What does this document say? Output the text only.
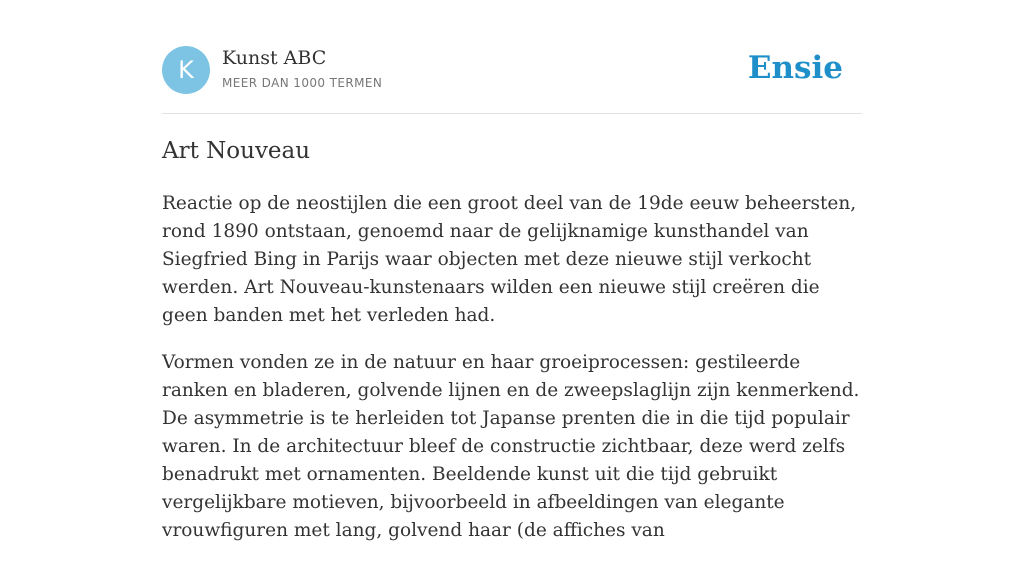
K	Kunst ABC
MEER DAN 1000 TERMEN	Ensie
Art Nouveau

Reactie op de neostijlen die een groot deel van de 19de eeuw beheersten, rond 1890 ontstaan, genoemd naar de gelijknamige kunsthandel van Siegfried Bing in Parijs waar objecten met deze nieuwe stijl verkocht werden. Art Nouveau-kunstenaars wilden een nieuwe stijl creëren die geen banden met het verleden had.

Vormen vonden ze in de natuur en haar groeiprocessen: gestileerde ranken en bladeren, golvende lijnen en de zweepslaglijn zijn kenmerkend. De asymmetrie is te herleiden tot Japanse prenten die in die tijd populair waren. In de architectuur bleef de constructie zichtbaar, deze werd zelfs benadrukt met ornamenten. Beeldende kunst uit die tijd gebruikt vergelijkbare motieven, bijvoorbeeld in afbeeldingen van elegante vrouwfiguren met lang, golvend haar (de affiches van
